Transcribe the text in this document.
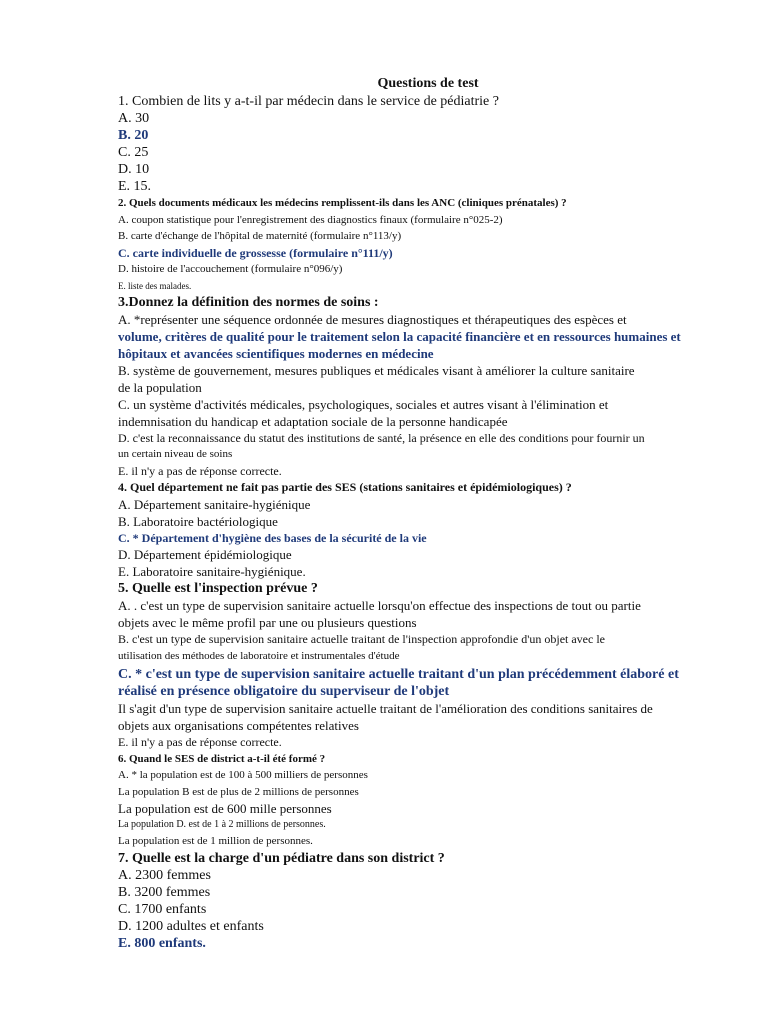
Questions de test
1. Combien de lits y a-t-il par médecin dans le service de pédiatrie ?
A. 30
B. 20
C. 25
D. 10
E. 15.
2. Quels documents médicaux les médecins remplissent-ils dans les ANC (cliniques prénatales) ?
A. coupon statistique pour l'enregistrement des diagnostics finaux (formulaire n°025-2)
B. carte d'échange de l'hôpital de maternité (formulaire n°113/y)
C. carte individuelle de grossesse (formulaire n°111/y)
D. histoire de l'accouchement (formulaire n°096/y)
E. liste des malades.
3.Donnez la définition des normes de soins :
A. *représenter une séquence ordonnée de mesures diagnostiques et thérapeutiques des espèces et
volume, critères de qualité pour le traitement selon la capacité financière et en ressources humaines et
hôpitaux et avancées scientifiques modernes en médecine
B. système de gouvernement, mesures publiques et médicales visant à améliorer la culture sanitaire
de la population
C. un système d'activités médicales, psychologiques, sociales et autres visant à l'élimination et
indemnisation du handicap et adaptation sociale de la personne handicapée
D. c'est la reconnaissance du statut des institutions de santé, la présence en elle des conditions pour fournir un
un certain niveau de soins
E. il n'y a pas de réponse correcte.
4. Quel département ne fait pas partie des SES (stations sanitaires et épidémiologiques) ?
A. Département sanitaire-hygiénique
B. Laboratoire bactériologique
C. * Département d'hygiène des bases de la sécurité de la vie
D. Département épidémiologique
E. Laboratoire sanitaire-hygiénique.
5. Quelle est l'inspection prévue ?
A. . c'est un type de supervision sanitaire actuelle lorsqu'on effectue des inspections de tout ou partie
objets avec le même profil par une ou plusieurs questions
B. c'est un type de supervision sanitaire actuelle traitant de l'inspection approfondie d'un objet avec le
utilisation des méthodes de laboratoire et instrumentales d'étude
C. * c'est un type de supervision sanitaire actuelle traitant d'un plan précédemment élaboré et
réalisé en présence obligatoire du superviseur de l'objet
Il s'agit d'un type de supervision sanitaire actuelle traitant de l'amélioration des conditions sanitaires de
objets aux organisations compétentes relatives
E. il n'y a pas de réponse correcte.
6. Quand le SES de district a-t-il été formé ?
A. * la population est de 100 à 500 milliers de personnes
La population B est de plus de 2 millions de personnes
La population est de 600 mille personnes
La population D. est de 1 à 2 millions de personnes.
La population est de 1 million de personnes.
7. Quelle est la charge d'un pédiatre dans son district ?
A. 2300 femmes
B. 3200 femmes
C. 1700 enfants
D. 1200 adultes et enfants
E. 800 enfants.
